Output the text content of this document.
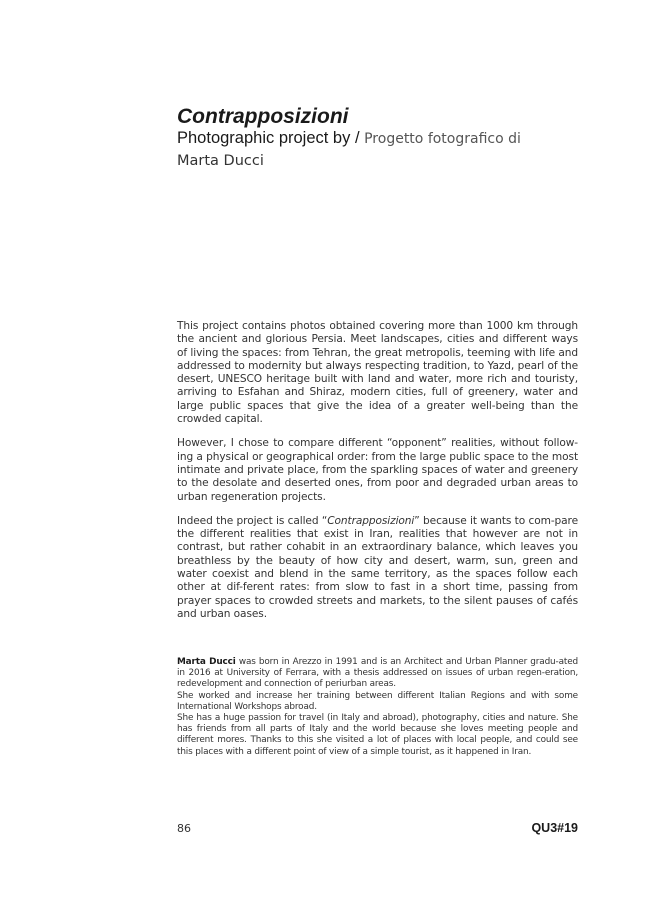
Contrapposizioni
Photographic project by / Progetto fotografico di
Marta Ducci

This project contains photos obtained covering more than 1000 km through the ancient and glorious Persia. Meet landscapes, cities and different ways of living the spaces: from Tehran, the great metropolis, teeming with life and addressed to modernity but always respecting tradition, to Yazd, pearl of the desert, UNESCO heritage built with land and water, more rich and touristy, arriving to Esfahan and Shiraz, modern cities, full of greenery, water and large public spaces that give the idea of a greater well-being than the crowded capital.

However, I chose to compare different “opponent” realities, without follow-ing a physical or geographical order: from the large public space to the most intimate and private place, from the sparkling spaces of water and greenery to the desolate and deserted ones, from poor and degraded urban areas to urban regeneration projects.

Indeed the project is called “Contrapposizioni” because it wants to com-pare the different realities that exist in Iran, realities that however are not in contrast, but rather cohabit in an extraordinary balance, which leaves you breathless by the beauty of how city and desert, warm, sun, green and water coexist and blend in the same territory, as the spaces follow each other at dif-ferent rates: from slow to fast in a short time, passing from prayer spaces to crowded streets and markets, to the silent pauses of cafés and urban oases.

Marta Ducci was born in Arezzo in 1991 and is an Architect and Urban Planner gradu-ated in 2016 at University of Ferrara, with a thesis addressed on issues of urban regen-eration, redevelopment and connection of periurban areas.

She worked and increase her training between different Italian Regions and with some International Workshops abroad.

She has a huge passion for travel (in Italy and abroad), photography, cities and nature. She has friends from all parts of Italy and the world because she loves meeting people and different mores. Thanks to this she visited a lot of places with local people, and could see this places with a different point of view of a simple tourist, as it happened in Iran.

86	QU3#19
